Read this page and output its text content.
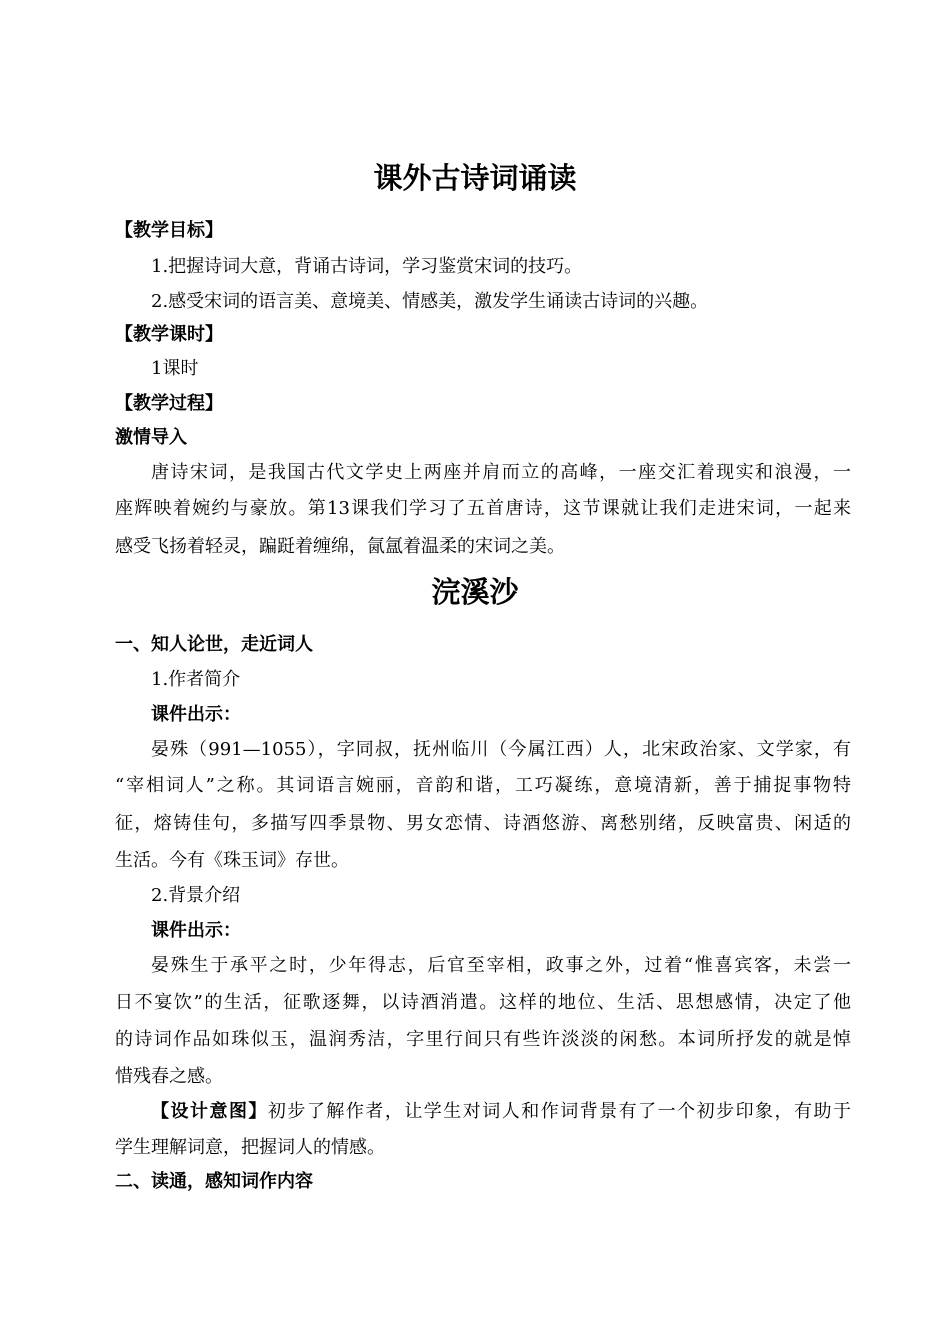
课外古诗词诵读
【教学目标】
1.把握诗词大意，背诵古诗词，学习鉴赏宋词的技巧。
2.感受宋词的语言美、意境美、情感美，激发学生诵读古诗词的兴趣。
【教学课时】
1课时
【教学过程】
激情导入
唐诗宋词，是我国古代文学史上两座并肩而立的高峰，一座交汇着现实和浪漫，一
座辉映着婉约与豪放。第13课我们学习了五首唐诗，这节课就让我们走进宋词，一起来
感受飞扬着轻灵，蹁跹着缠绵，氤氲着温柔的宋词之美。
浣溪沙
一、知人论世，走近词人
1.作者简介
课件出示：
晏殊（991—1055），字同叔，抚州临川（今属江西）人，北宋政治家、文学家，有
“宰相词人”之称。其词语言婉丽，音韵和谐，工巧凝练，意境清新，善于捕捉事物特
征，熔铸佳句，多描写四季景物、男女恋情、诗酒悠游、离愁别绪，反映富贵、闲适的
生活。今有《珠玉词》存世。
2.背景介绍
课件出示：
晏殊生于承平之时，少年得志，后官至宰相，政事之外，过着“惟喜宾客，未尝一
日不宴饮”的生活，征歌逐舞，以诗酒消遣。这样的地位、生活、思想感情，决定了他
的诗词作品如珠似玉，温润秀洁，字里行间只有些许淡淡的闲愁。本词所抒发的就是悼
惜残春之感。
【设计意图】初步了解作者，让学生对词人和作词背景有了一个初步印象，有助于
学生理解词意，把握词人的情感。
二、读通，感知词作内容
